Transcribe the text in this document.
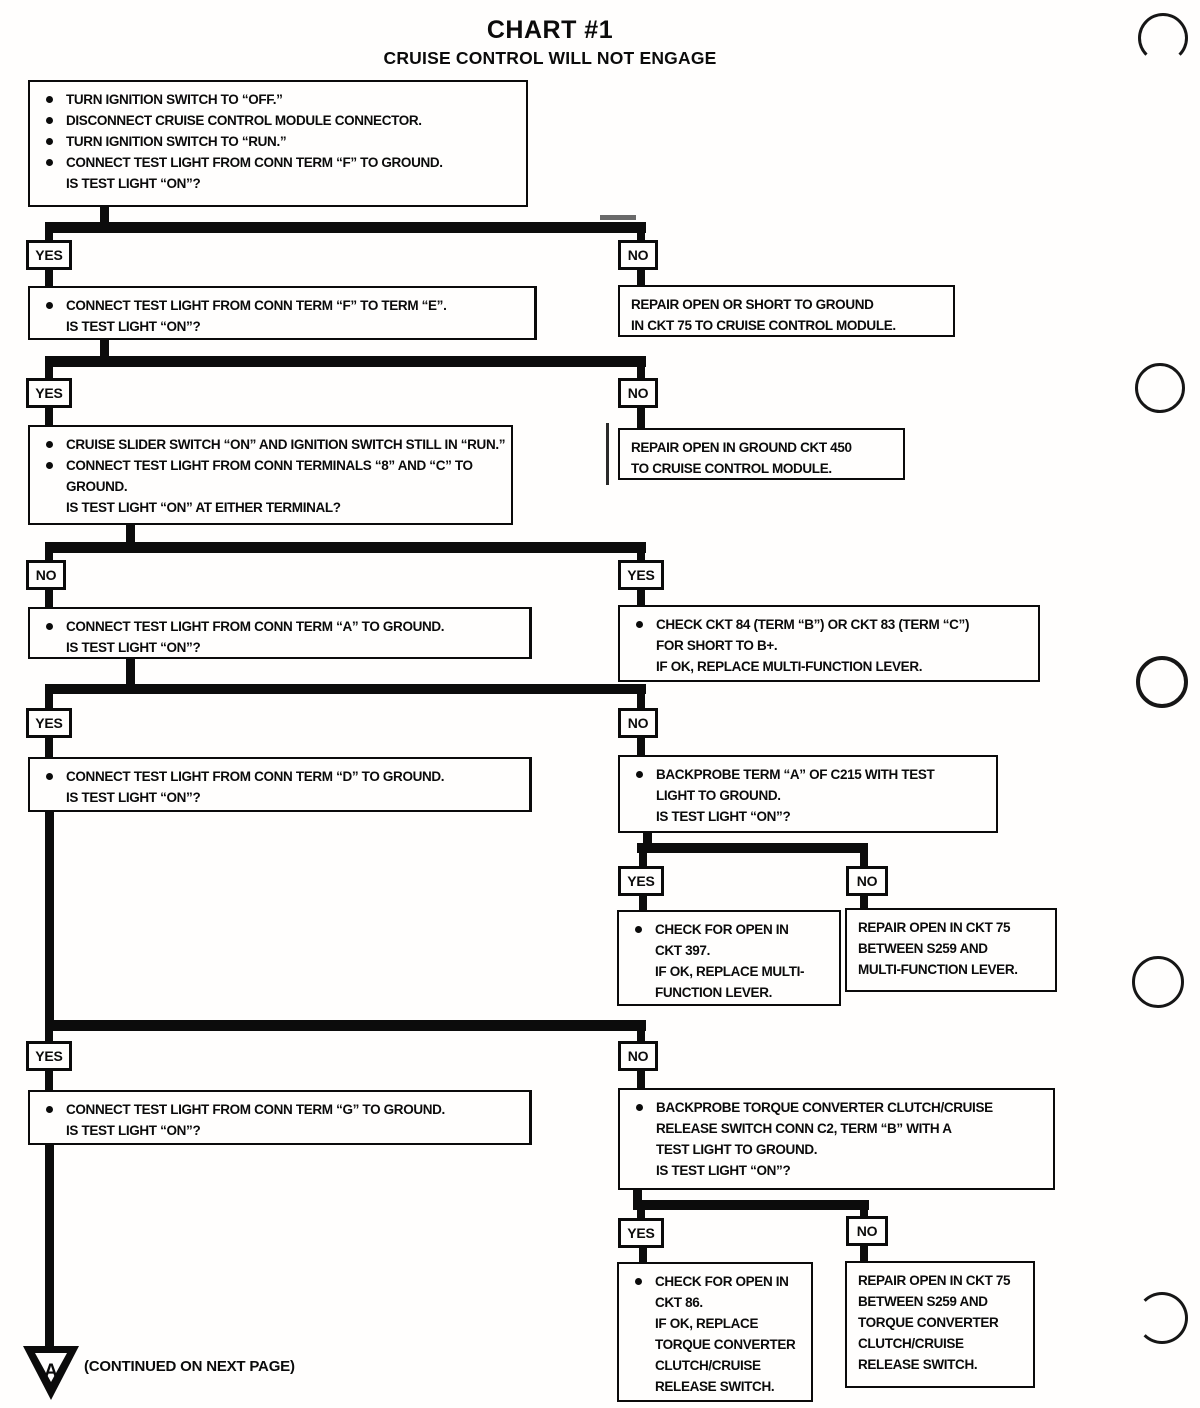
CHART #1
CRUISE CONTROL WILL NOT ENGAGE
TURN IGNITION SWITCH TO “OFF.”
DISCONNECT CRUISE CONTROL MODULE CONNECTOR.
TURN IGNITION SWITCH TO “RUN.”
CONNECT TEST LIGHT FROM CONN TERM “F” TO GROUND.
IS TEST LIGHT “ON”?
YES	NO
CONNECT TEST LIGHT FROM CONN TERM “F” TO TERM “E”.
IS TEST LIGHT “ON”?
REPAIR OPEN OR SHORT TO GROUND
IN CKT 75 TO CRUISE CONTROL MODULE.
YES	NO
CRUISE SLIDER SWITCH “ON” AND IGNITION SWITCH STILL IN “RUN.”
CONNECT TEST LIGHT FROM CONN TERMINALS “8” AND “C” TO
GROUND.
IS TEST LIGHT “ON” AT EITHER TERMINAL?
REPAIR OPEN IN GROUND CKT 450
TO CRUISE CONTROL MODULE.
NO	YES
CONNECT TEST LIGHT FROM CONN TERM “A” TO GROUND.
IS TEST LIGHT “ON”?
CHECK CKT 84 (TERM “B”) OR CKT 83 (TERM “C”)
FOR SHORT TO B+.
IF OK, REPLACE MULTI-FUNCTION LEVER.
YES	NO
CONNECT TEST LIGHT FROM CONN TERM “D” TO GROUND.
IS TEST LIGHT “ON”?
BACKPROBE TERM “A” OF C215 WITH TEST
LIGHT TO GROUND.
IS TEST LIGHT “ON”?
YES	NO
CHECK FOR OPEN IN
CKT 397.
IF OK, REPLACE MULTI-
FUNCTION LEVER.
REPAIR OPEN IN CKT 75
BETWEEN S259 AND
MULTI-FUNCTION LEVER.
YES	NO
CONNECT TEST LIGHT FROM CONN TERM “G” TO GROUND.
IS TEST LIGHT “ON”?
BACKPROBE TORQUE CONVERTER CLUTCH/CRUISE
RELEASE SWITCH CONN C2, TERM “B” WITH A
TEST LIGHT TO GROUND.
IS TEST LIGHT “ON”?
YES	NO
CHECK FOR OPEN IN
CKT 86.
IF OK, REPLACE
TORQUE CONVERTER
CLUTCH/CRUISE
RELEASE SWITCH.
REPAIR OPEN IN CKT 75
BETWEEN S259 AND
TORQUE CONVERTER
CLUTCH/CRUISE
RELEASE SWITCH.
A (CONTINUED ON NEXT PAGE)
